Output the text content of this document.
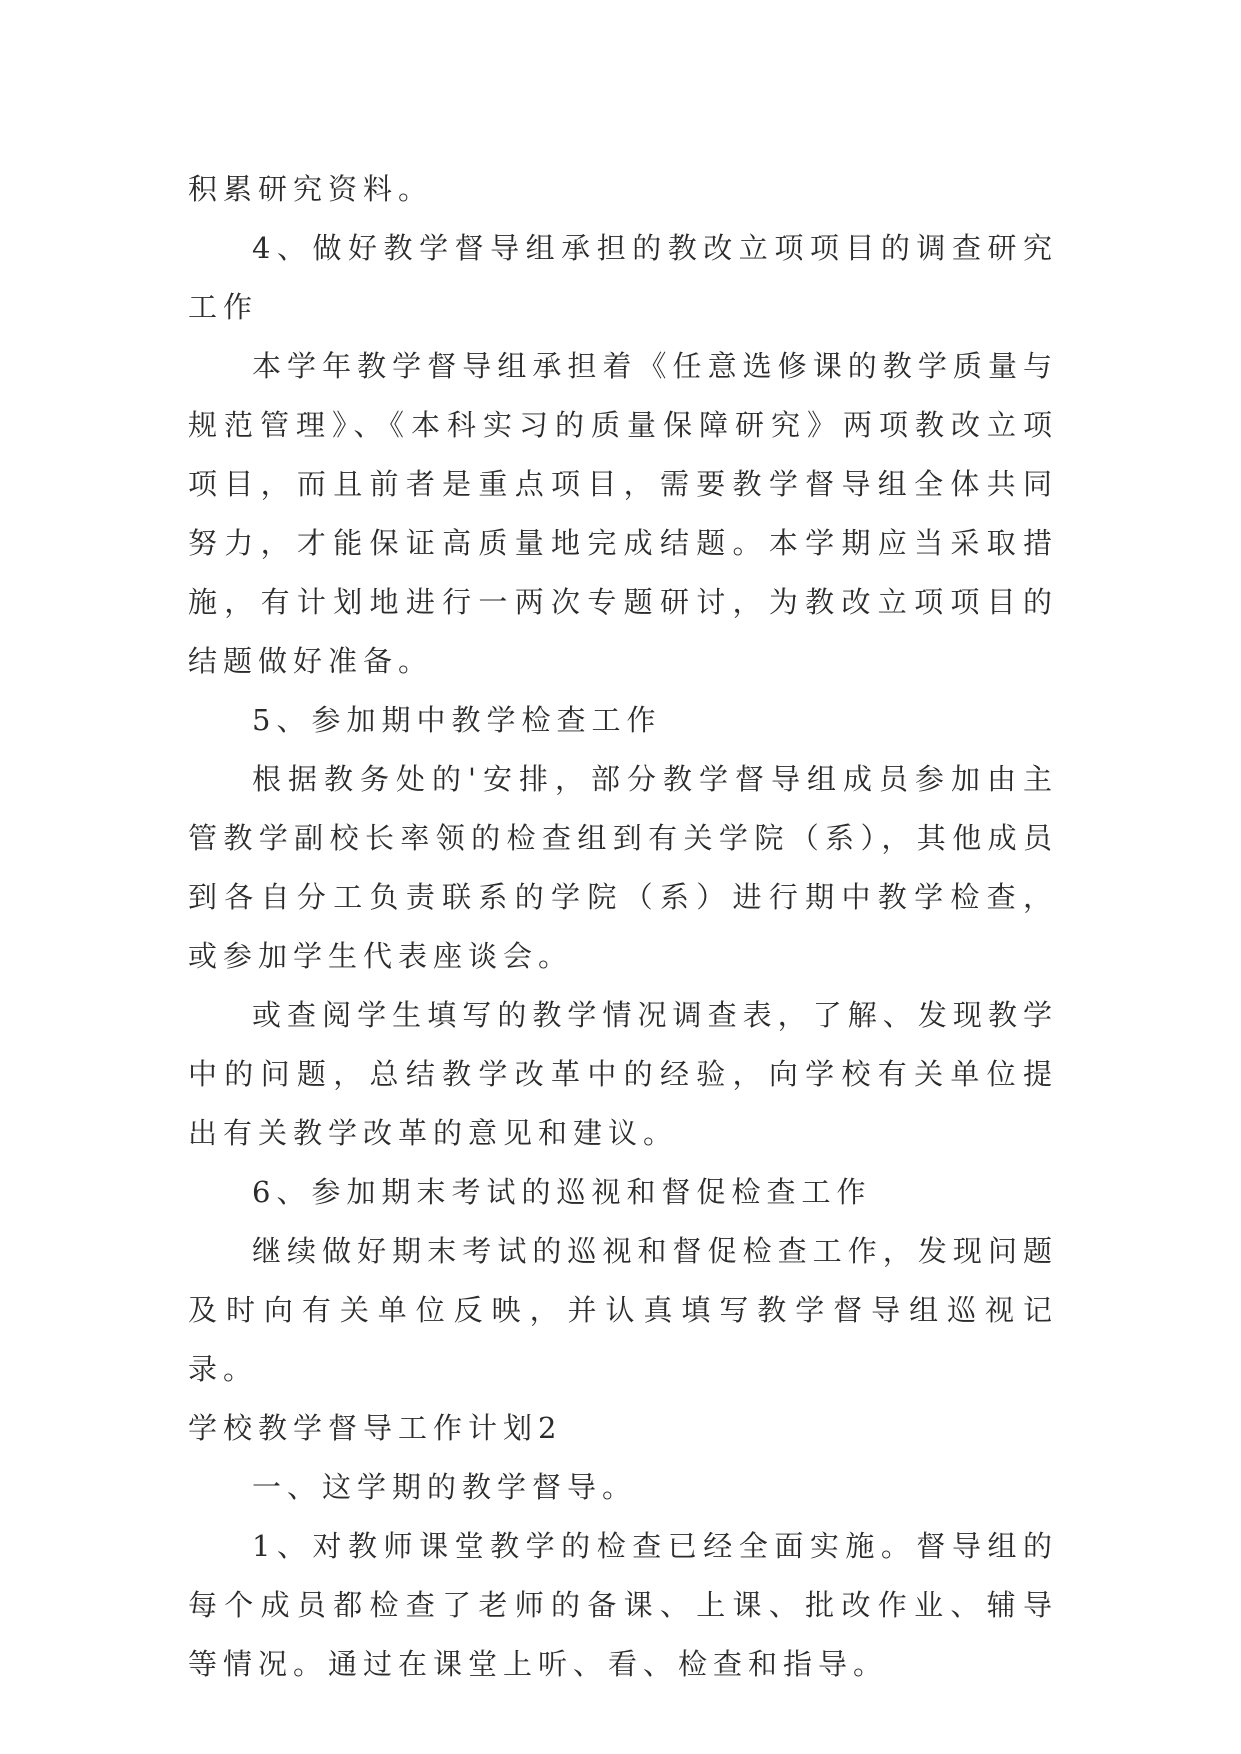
积累研究资料。

4、做好教学督导组承担的教改立项项目的调查研究工作

本学年教学督导组承担着《任意选修课的教学质量与规范管理》、《本科实习的质量保障研究》两项教改立项项目，而且前者是重点项目，需要教学督导组全体共同努力，才能保证高质量地完成结题。本学期应当采取措施，有计划地进行一两次专题研讨，为教改立项项目的结题做好准备。

5、参加期中教学检查工作

根据教务处的'安排，部分教学督导组成员参加由主管教学副校长率领的检查组到有关学院（系），其他成员到各自分工负责联系的学院（系）进行期中教学检查，或参加学生代表座谈会。

或查阅学生填写的教学情况调查表，了解、发现教学中的问题，总结教学改革中的经验，向学校有关单位提出有关教学改革的意见和建议。

6、参加期末考试的巡视和督促检查工作

继续做好期末考试的巡视和督促检查工作，发现问题及时向有关单位反映，并认真填写教学督导组巡视记录。

学校教学督导工作计划2

一、这学期的教学督导。

1、对教师课堂教学的检查已经全面实施。督导组的每个成员都检查了老师的备课、上课、批改作业、辅导等情况。通过在课堂上听、看、检查和指导。
